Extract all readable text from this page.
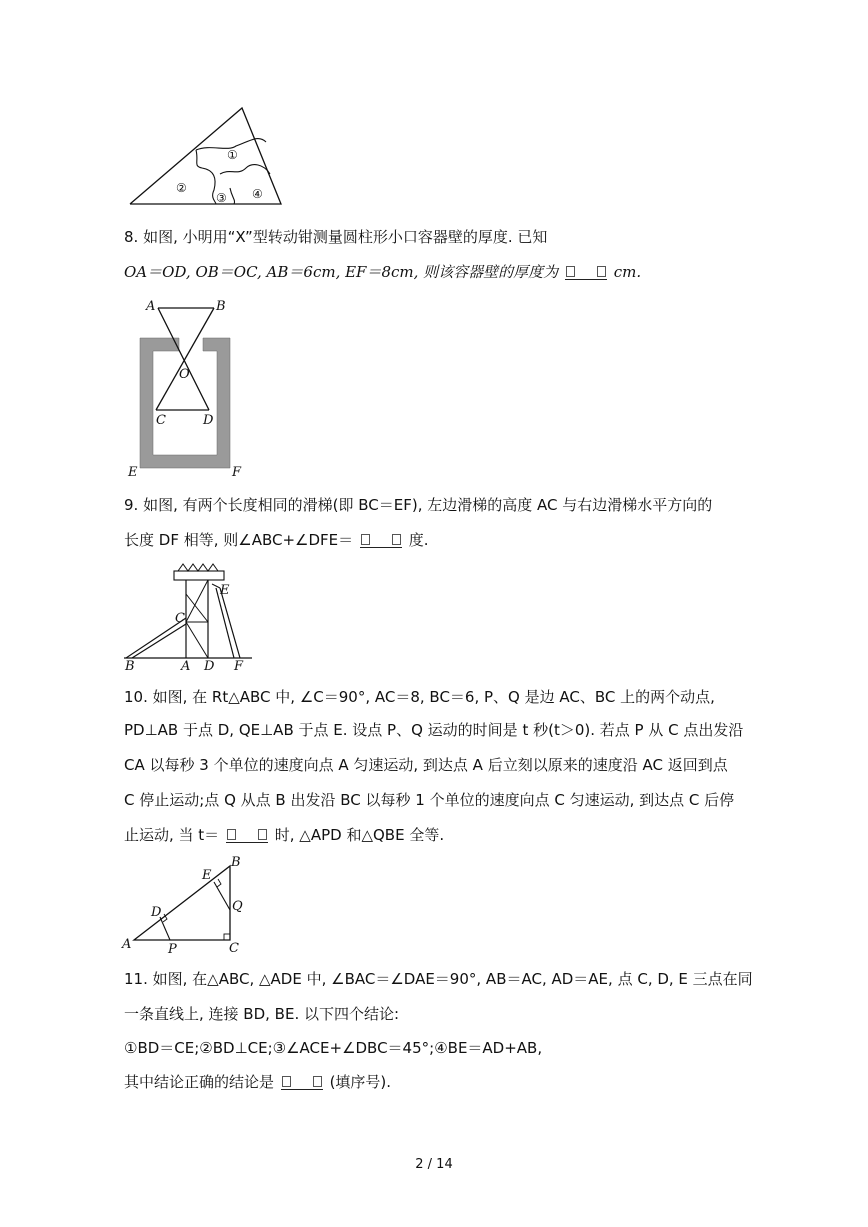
①
②
③ ④
8. 如图, 小明用“X”型转动钳测量圆柱形小口容器壁的厚度. 已知
OA＝OD, OB＝OC, AB＝6cm, EF＝8cm, 则该容器壁的厚度为	cm.
A	B
O
C	D
E	F
9. 如图, 有两个长度相同的滑梯(即 BC＝EF), 左边滑梯的高度 AC 与右边滑梯水平方向的
长度 DF 相等, 则∠ABC+∠DFE＝	度.
B	A
C
D
E
F
10. 如图, 在 Rt△ABC 中, ∠C＝90°, AC＝8, BC＝6, P、Q 是边 AC、BC 上的两个动点,
PD⊥AB 于点 D, QE⊥AB 于点 E. 设点 P、Q 运动的时间是 t 秒(t＞0). 若点 P 从 C 点出发沿
CA 以每秒 3 个单位的速度向点 A 匀速运动, 到达点 A 后立刻以原来的速度沿 AC 返回到点
C 停止运动;点 Q 从点 B 出发沿 BC 以每秒 1 个单位的速度向点 C 匀速运动, 到达点 C 后停
止运动, 当 t＝	时, △APD 和△QBE 全等.
A
B
C
D
E
P
Q
11. 如图, 在△ABC, △ADE 中, ∠BAC＝∠DAE＝90°, AB＝AC, AD＝AE, 点 C, D, E 三点在同
一条直线上, 连接 BD, BE. 以下四个结论:
①BD＝CE;②BD⊥CE;③∠ACE+∠DBC＝45°;④BE＝AD+AB,
其中结论正确的结论是	(填序号).
2 / 14
